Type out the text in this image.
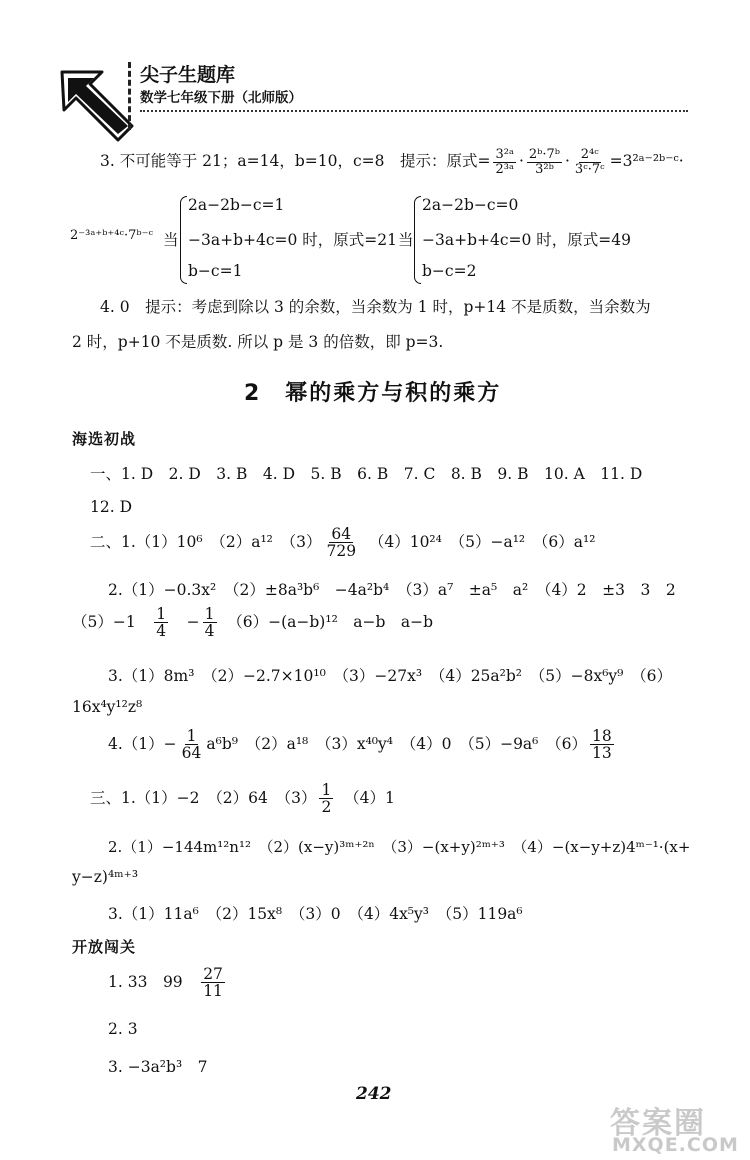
尖子生题库
数学七年级下册（北师版）
3. 不可能等于 21；a=14，b=10，c=8　提示：原式= $\frac{\text{3²ᵃ}}{\text{2³ᵃ}} \cdot \frac{\text{2ᵇ·7ᵇ}}{\text{3²ᵇ}} \cdot \frac{\text{2⁴ᶜ}}{\text{3ᶜ·7ᶜ}}$ =3²ᵃ⁻²ᵇ⁻ᶜ·
2⁻³ᵃ⁺ᵇ⁺⁴ᶜ·7ᵇ⁻ᶜ 当
2a−2b−c=1
−3a+b+4c=0 时，原式=21
b−c=1
当
2a−2b−c=0
−3a+b+4c=0 时，原式=49
b−c=2
4. 0　提示：考虑到除以 3 的余数，当余数为 1 时，p+14 不是质数，当余数为
2 时，p+10 不是质数. 所以 p 是 3 的倍数，即 p=3.
2　幂的乘方与积的乘方
海选初战
一、1. D　2. D　3. B　4. D　5. B　6. B　7. C　8. B　9. B　10. A　11. D
12. D
二、1.（1）10⁶　（2）a¹²　$(3) \frac{64}{729}$
　 （4）10²⁴　（5）−a¹²　（6）a¹²
2.（1）−0.3x²　（2）±8a³b⁶　−4a²b⁴　（3）a⁷　±a⁵　a²　（4）2　±3　3　2
（5）−1　 $\frac{1}{4}$
　 − $\frac{1}{4}$
　 （6）−(a−b)¹²　a−b　a−b
3.（1）8m³　（2）−2.7×10¹⁰　（3）−27x³　（4）25a²b²　（5）−8x⁶y⁹　（6）
16x⁴y¹²z⁸
$4.(1)- \frac{1}{64} a^6b^9$　（2）a¹⁸　（3）x⁴⁰y⁴　（4）0　（5）−9a⁶　$(6) \frac{18}{13}$
三、1.（1）−2　（2）64　$(3) \frac{1}{2}$
　 （4）1
2.（1）−144m¹²n¹²　（2）(x−y)³ᵐ⁺²ⁿ　（3）−(x+y)²ᵐ⁺³　（4）−(x−y+z)4ᵐ⁻¹·(x+
y−z)⁴ᵐ⁺³
3.（1）11a⁶　（2）15x⁸　（3）0　（4）4x⁵y³　（5）119a⁶
开放闯关
1. 33　99　 $\frac{27}{11}$
2. 3
3. −3a²b³　7
242
答案圈
MXQE.COM
